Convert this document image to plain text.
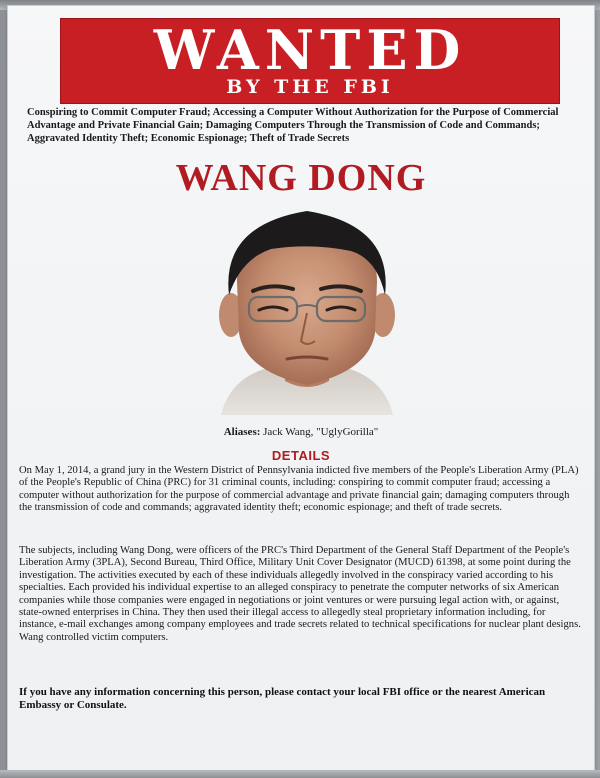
WANTED
BY THE FBI
Conspiring to Commit Computer Fraud; Accessing a Computer Without Authorization for the Purpose of Commercial Advantage and Private Financial Gain; Damaging Computers Through the Transmission of Code and Commands; Aggravated Identity Theft; Economic Espionage; Theft of Trade Secrets
WANG DONG
Aliases: Jack Wang, "UglyGorilla"
DETAILS
On May 1, 2014, a grand jury in the Western District of Pennsylvania indicted five members of the People's Liberation Army (PLA) of the People's Republic of China (PRC) for 31 criminal counts, including: conspiring to commit computer fraud; accessing a computer without authorization for the purpose of commercial advantage and private financial gain; damaging computers through the transmission of code and commands; aggravated identity theft; economic espionage; and theft of trade secrets.
The subjects, including Wang Dong, were officers of the PRC's Third Department of the General Staff Department of the People's Liberation Army (3PLA), Second Bureau, Third Office, Military Unit Cover Designator (MUCD) 61398, at some point during the investigation. The activities executed by each of these individuals allegedly involved in the conspiracy varied according to his specialties. Each provided his individual expertise to an alleged conspiracy to penetrate the computer networks of six American companies while those companies were engaged in negotiations or joint ventures or were pursuing legal action with, or against, state-owned enterprises in China. They then used their illegal access to allegedly steal proprietary information including, for instance, e-mail exchanges among company employees and trade secrets related to technical specifications for nuclear plant designs. Wang controlled victim computers.
If you have any information concerning this person, please contact your local FBI office or the nearest American Embassy or Consulate.
